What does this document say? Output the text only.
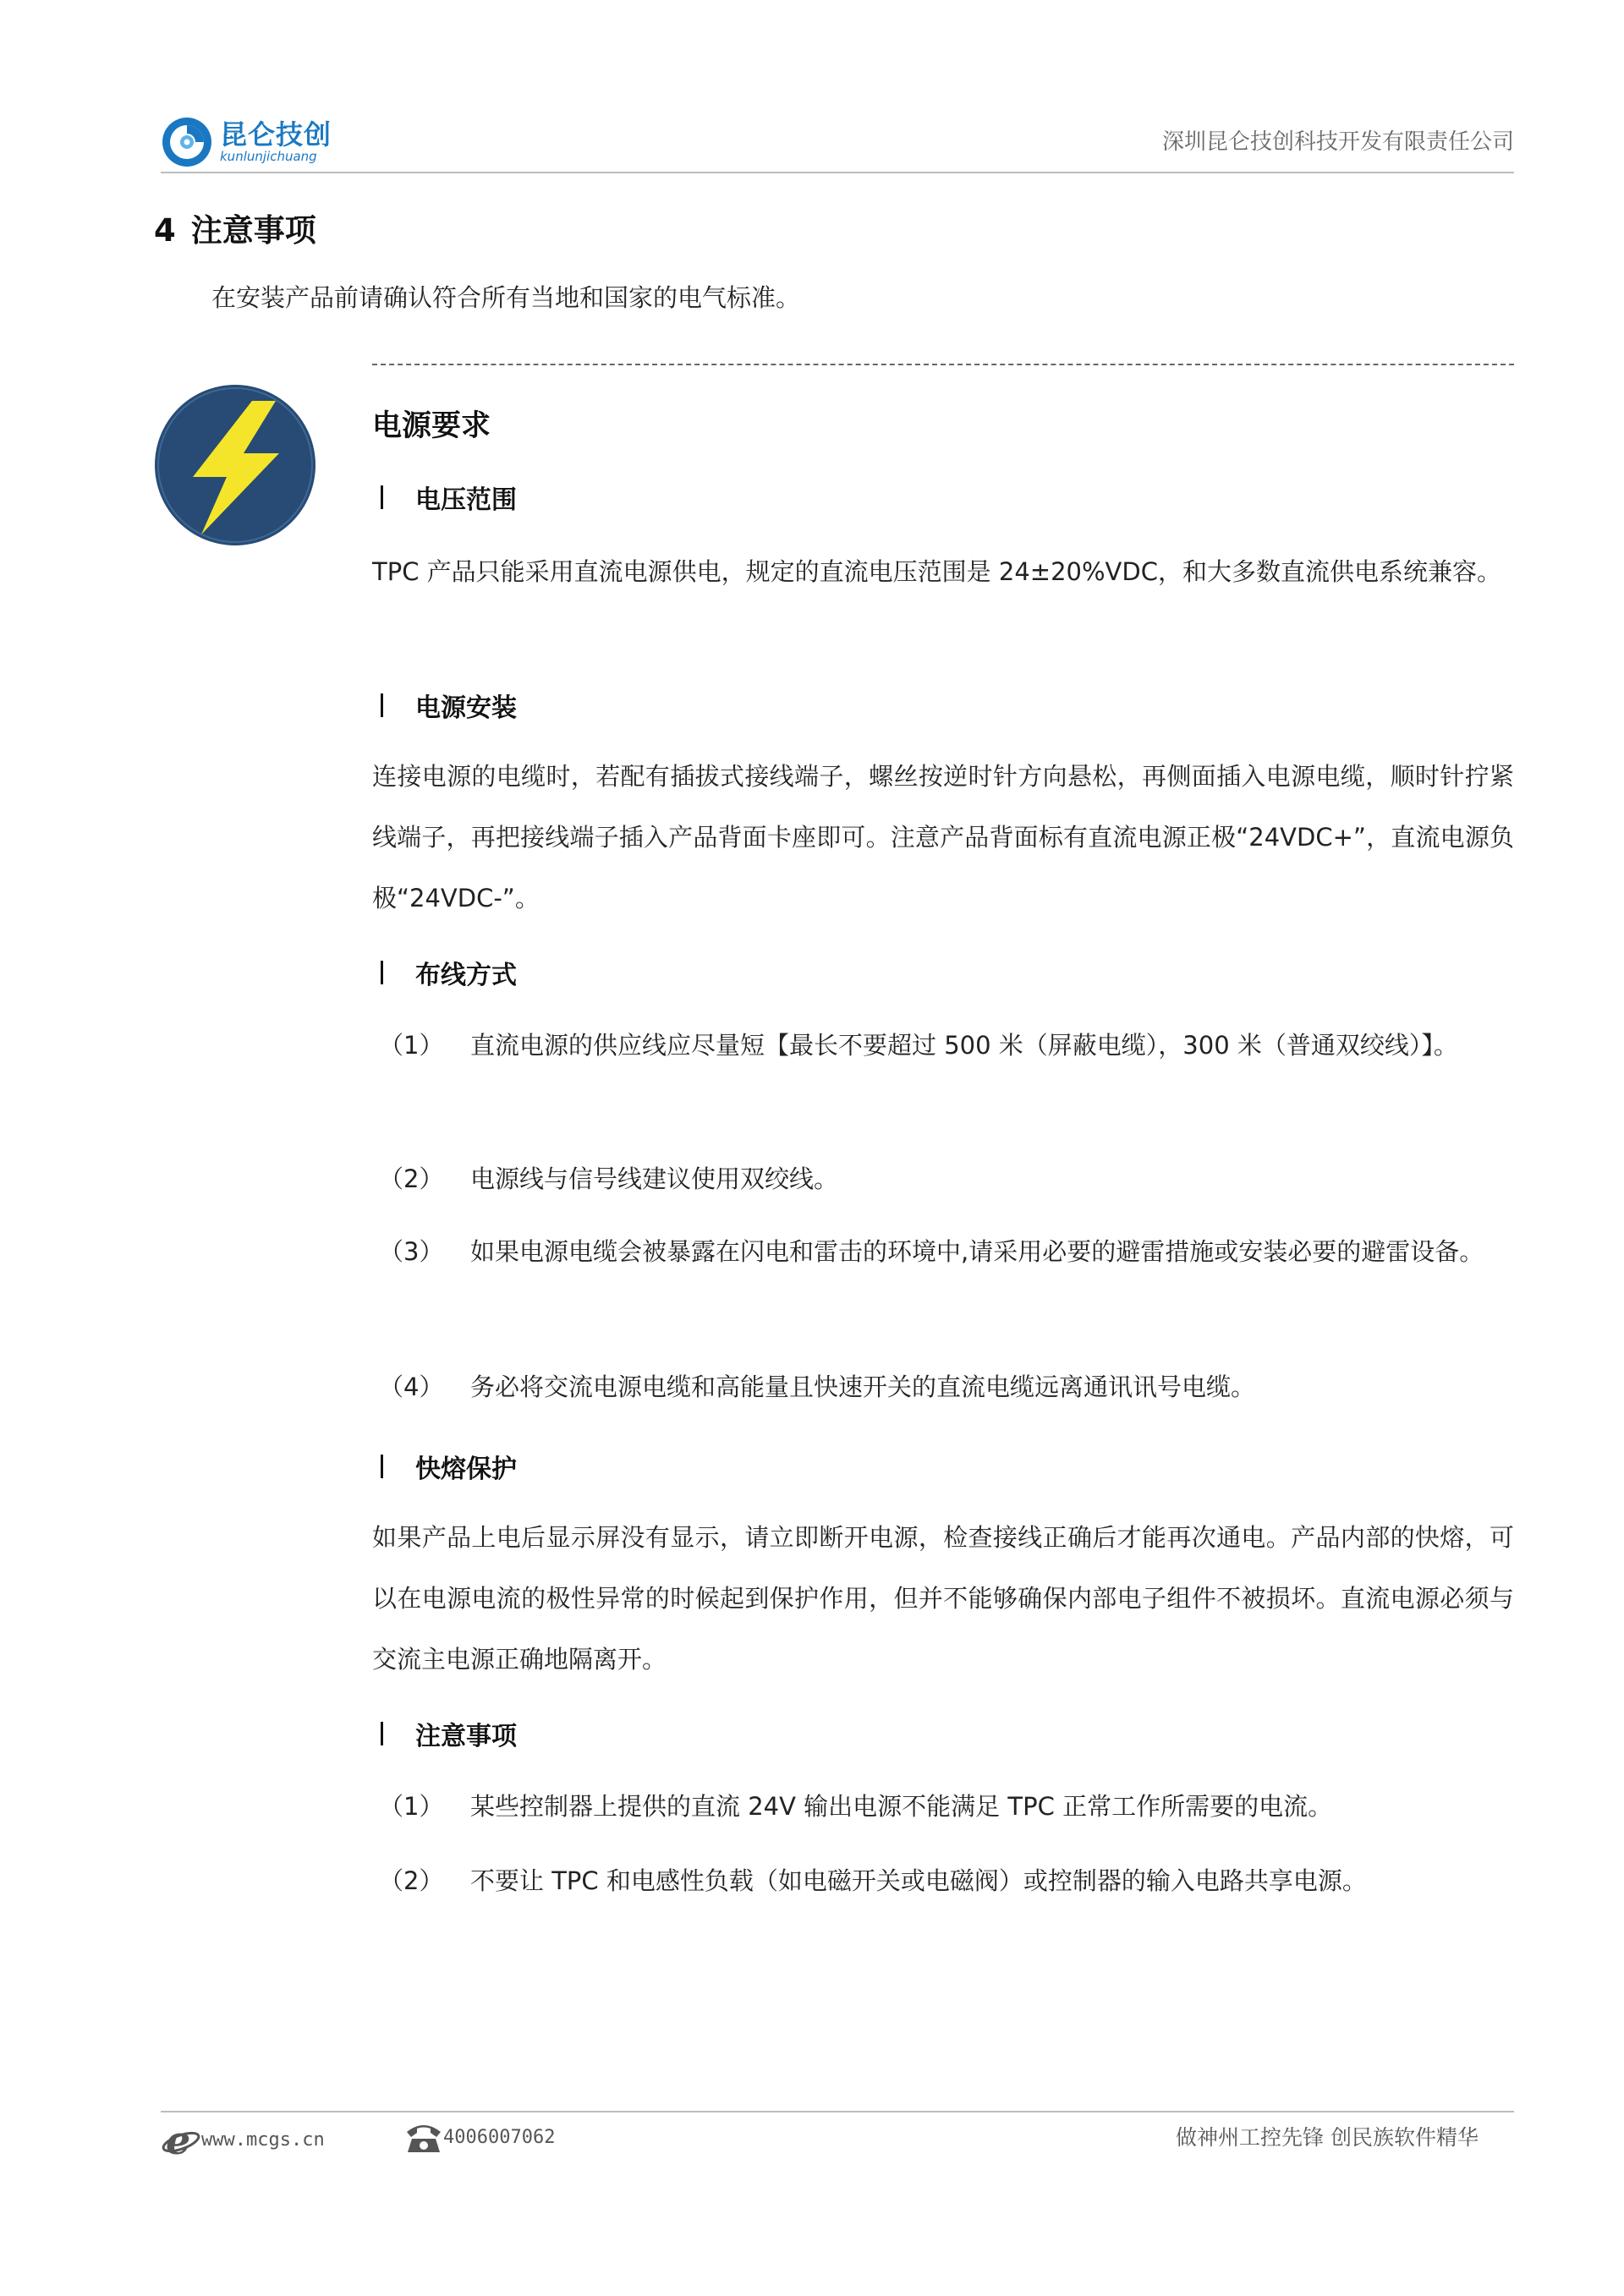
昆仑技创
kunlunjichuang
深圳昆仑技创科技开发有限责任公司
4 注意事项
在安装产品前请确认符合所有当地和国家的电气标准。
电源要求
电压范围
TPC 产品只能采用直流电源供电，规定的直流电压范围是 24±20%VDC，和大多数直流供电系统兼容。
电源安装
连接电源的电缆时，若配有插拔式接线端子，螺丝按逆时针方向悬松，再侧面插入电源电缆，顺时针拧紧线端子，再把接线端子插入产品背面卡座即可。注意产品背面标有直流电源正极“24VDC+”，直流电源负极“24VDC-”。
布线方式
（1）	直流电源的供应线应尽量短【最长不要超过 500 米（屏蔽电缆），300 米（普通双绞线）】。
（2）	电源线与信号线建议使用双绞线。
（3）	如果电源电缆会被暴露在闪电和雷击的环境中,请采用必要的避雷措施或安装必要的避雷设备。
（4）	务必将交流电源电缆和高能量且快速开关的直流电缆远离通讯讯号电缆。
快熔保护
如果产品上电后显示屏没有显示，请立即断开电源，检查接线正确后才能再次通电。产品内部的快熔，可以在电源电流的极性异常的时候起到保护作用，但并不能够确保内部电子组件不被损坏。直流电源必须与交流主电源正确地隔离开。
注意事项
（1）	某些控制器上提供的直流 24V 输出电源不能满足 TPC 正常工作所需要的电流。
（2）	不要让 TPC 和电感性负载（如电磁开关或电磁阀）或控制器的输入电路共享电源。
e www.mcgs.cn	4006007062	做神州工控先锋 创民族软件精华
